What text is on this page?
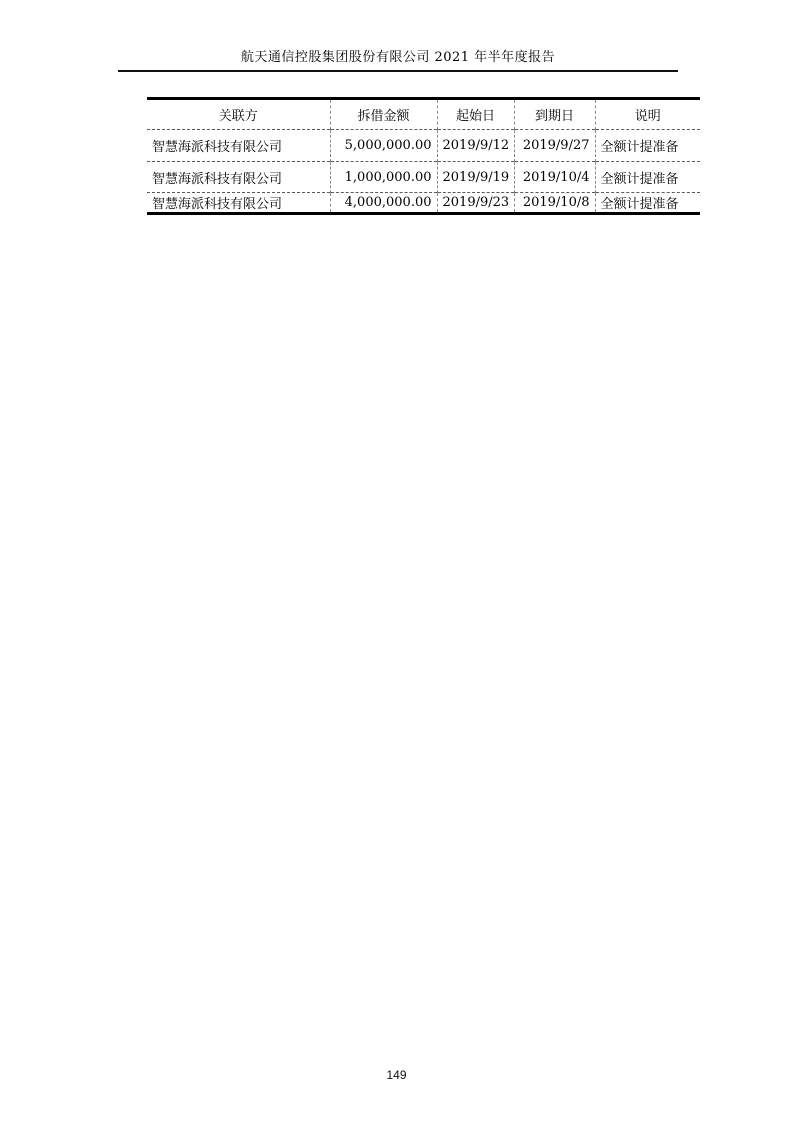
航天通信控股集团股份有限公司 2021 年半年度报告
关联方	拆借金额	起始日	到期日	说明
智慧海派科技有限公司	5,000,000.00	2019/9/12	2019/9/27	全额计提准备
智慧海派科技有限公司	1,000,000.00	2019/9/19	2019/10/4	全额计提准备
智慧海派科技有限公司	4,000,000.00	2019/9/23	2019/10/8	全额计提准备
149
